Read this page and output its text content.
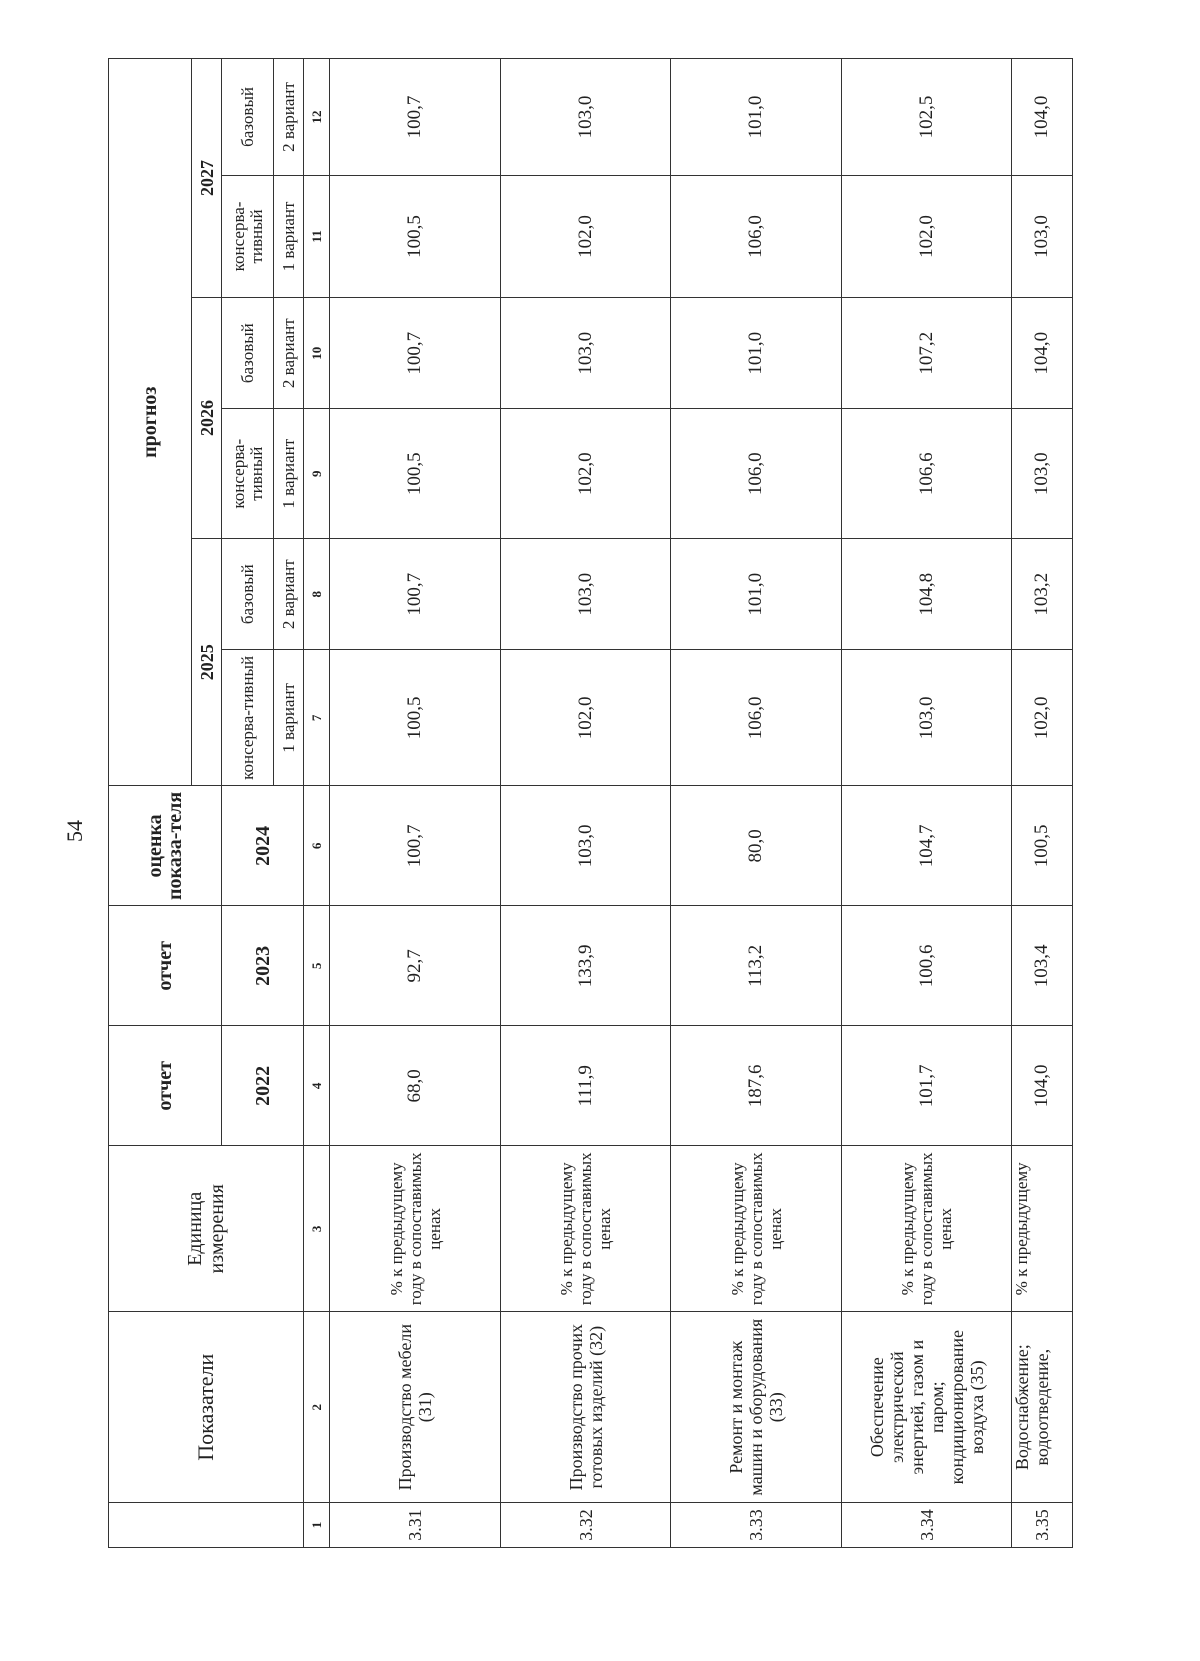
54
	Показатели	Единица измерения	отчет	отчет	оценка показа-теля	прогноз					
						2025		2026		2027	
			2022	2023	2024	консерва-тивный	базовый	консерва-тивный	базовый	консерва-тивный	базовый
						1 вариант	2 вариант	1 вариант	2 вариант	1 вариант	2 вариант
1	2	3	4	5	6	7	8	9	10	11	12
3.31	Производство мебели (31)	% к предыдущему году в сопоставимых ценах	68,0	92,7	100,7	100,5	100,7	100,5	100,7	100,5	100,7
3.32	Производство прочих готовых изделий (32)	% к предыдущему году в сопоставимых ценах	111,9	133,9	103,0	102,0	103,0	102,0	103,0	102,0	103,0
3.33	Ремонт и монтаж машин и оборудования (33)	% к предыдущему году в сопоставимых ценах	187,6	113,2	80,0	106,0	101,0	106,0	101,0	106,0	101,0
3.34	Обеспечение электрической энергией, газом и паром; кондиционирование воздуха (35)	% к предыдущему году в сопоставимых ценах	101,7	100,6	104,7	103,0	104,8	106,6	107,2	102,0	102,5
3.35	Водоснабжение; водоотведение,	% к предыдущему	104,0	103,4	100,5	102,0	103,2	103,0	104,0	103,0	104,0
